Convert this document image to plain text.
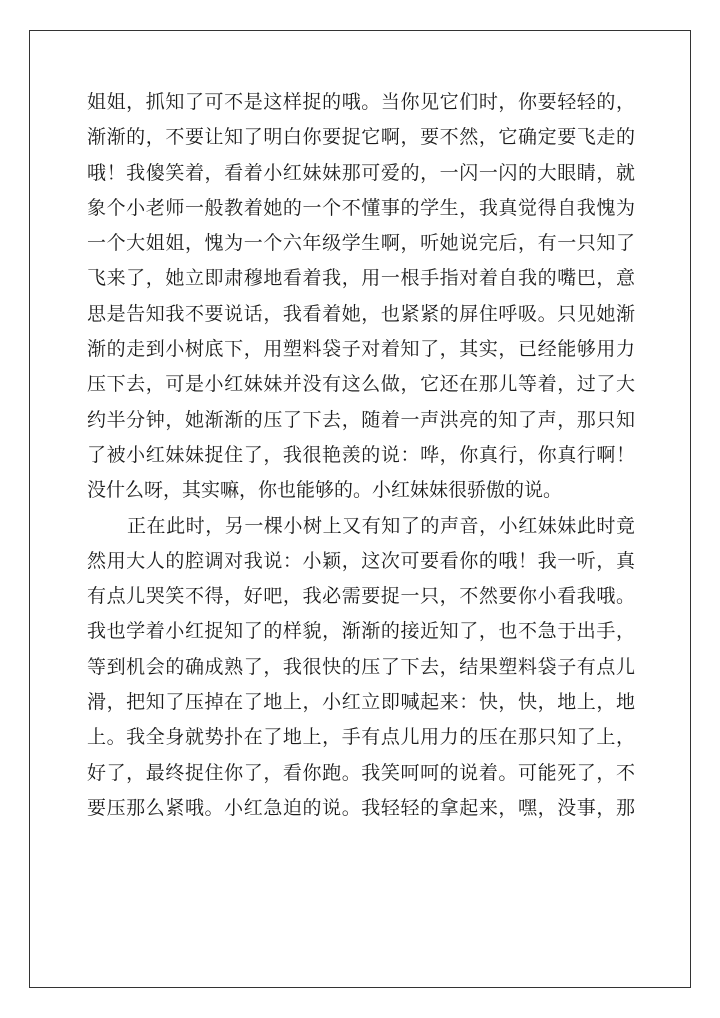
姐姐，抓知了可不是这样捉的哦。当你见它们时，你要轻轻的，
渐渐的，不要让知了明白你要捉它啊，要不然，它确定要飞走的
哦！我傻笑着，看着小红妹妹那可爱的，一闪一闪的大眼睛，就
象个小老师一般教着她的一个不懂事的学生，我真觉得自我愧为
一个大姐姐，愧为一个六年级学生啊，听她说完后，有一只知了
飞来了，她立即肃穆地看着我，用一根手指对着自我的嘴巴，意
思是告知我不要说话，我看着她，也紧紧的屏住呼吸。只见她渐
渐的走到小树底下，用塑料袋子对着知了，其实，已经能够用力
压下去，可是小红妹妹并没有这么做，它还在那儿等着，过了大
约半分钟，她渐渐的压了下去，随着一声洪亮的知了声，那只知
了被小红妹妹捉住了，我很艳羡的说：哗，你真行，你真行啊！
没什么呀，其实嘛，你也能够的。小红妹妹很骄傲的说。
正在此时，另一棵小树上又有知了的声音，小红妹妹此时竟
然用大人的腔调对我说：小颖，这次可要看你的哦！我一听，真
有点儿哭笑不得，好吧，我必需要捉一只，不然要你小看我哦。
我也学着小红捉知了的样貌，渐渐的接近知了，也不急于出手，
等到机会的确成熟了，我很快的压了下去，结果塑料袋子有点儿
滑，把知了压掉在了地上，小红立即喊起来：快，快，地上，地
上。我全身就势扑在了地上，手有点儿用力的压在那只知了上，
好了，最终捉住你了，看你跑。我笑呵呵的说着。可能死了，不
要压那么紧哦。小红急迫的说。我轻轻的拿起来，嘿，没事，那
